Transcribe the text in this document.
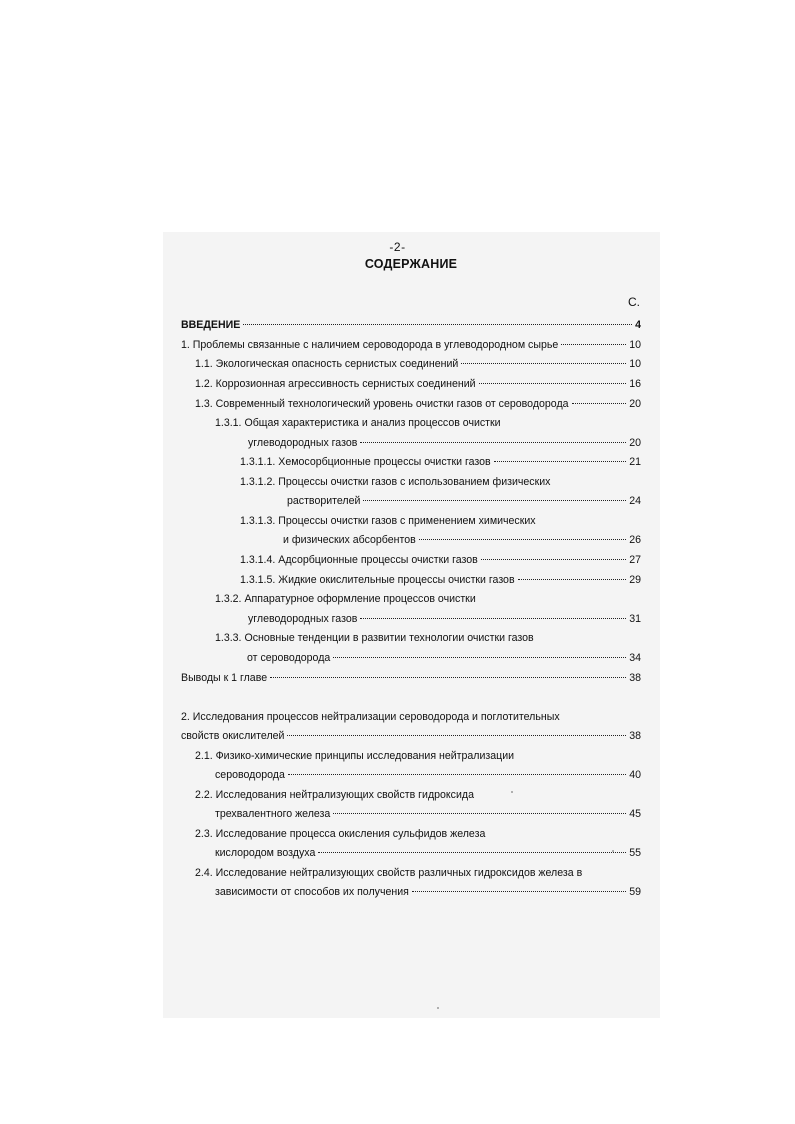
-2-
СОДЕРЖАНИЕ
С.
ВВЕДЕНИЕ	4
1. Проблемы связанные с наличием сероводорода в углеводородном сырье	10
1.1. Экологическая опасность сернистых соединений	10
1.2. Коррозионная агрессивность сернистых соединений	16
1.3. Современный технологический уровень очистки газов от сероводорода	20
1.3.1. Общая характеристика и анализ процессов очистки
углеводородных газов	20
1.3.1.1. Хемосорбционные процессы очистки газов	21
1.3.1.2. Процессы очистки газов с использованием физических
растворителей	24
1.3.1.3. Процессы очистки газов с применением химических
и физических абсорбентов	26
1.3.1.4. Адсорбционные процессы очистки газов	27
1.3.1.5. Жидкие окислительные процессы очистки газов	29
1.3.2. Аппаратурное оформление процессов очистки
углеводородных газов	31
1.3.3. Основные тенденции в развитии технологии очистки газов
от сероводорода	34
Выводы к 1 главе	38
2. Исследования процессов нейтрализации сероводорода и поглотительных
свойств окислителей	38
2.1. Физико-химические принципы исследования нейтрализации
сероводорода	40
2.2. Исследования нейтрализующих свойств гидроксида
трехвалентного железа	45
2.3. Исследование процесса окисления сульфидов железа
кислородом воздуха	55
2.4. Исследование нейтрализующих свойств различных гидроксидов железа в
зависимости от способов их получения	59
